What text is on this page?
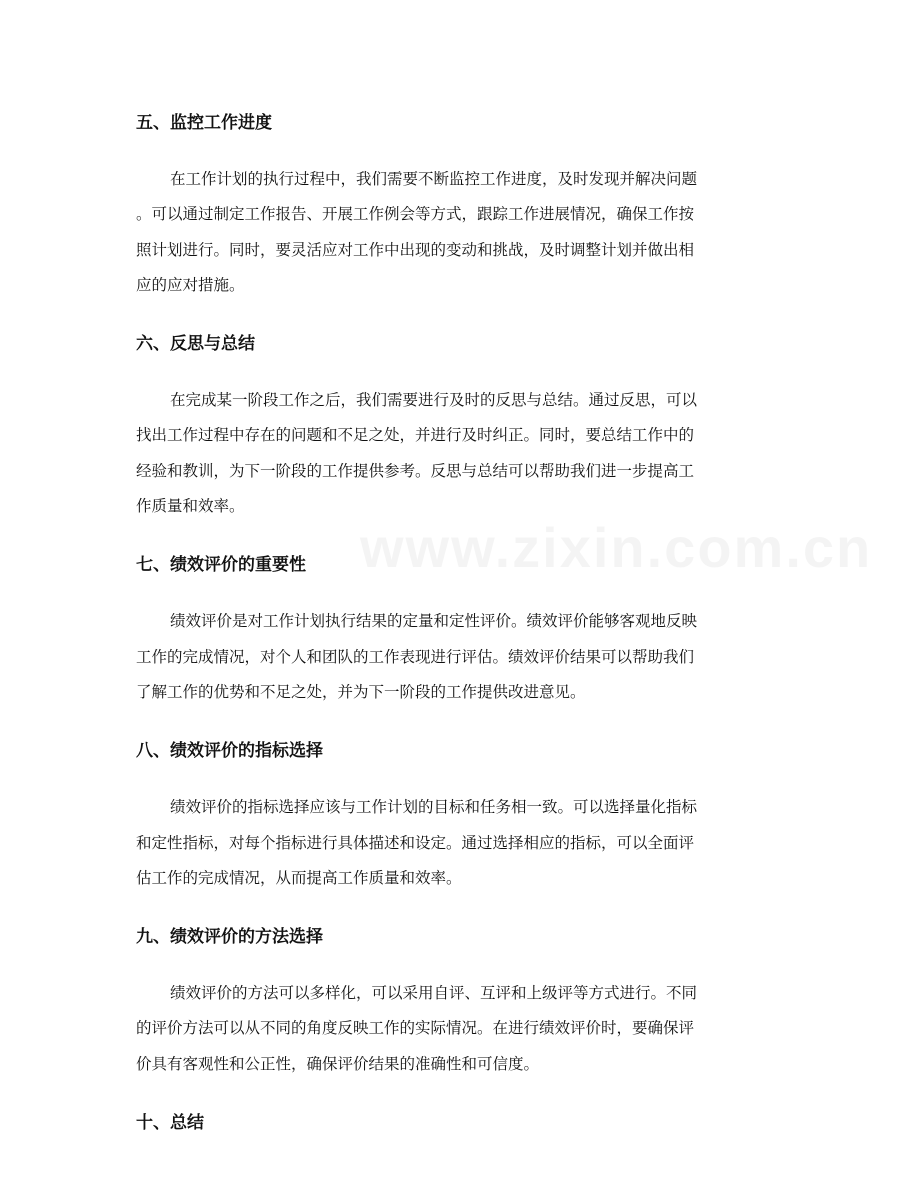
五、监控工作进度
在工作计划的执行过程中，我们需要不断监控工作进度，及时发现并解决问题
。可以通过制定工作报告、开展工作例会等方式，跟踪工作进展情况，确保工作按
照计划进行。同时，要灵活应对工作中出现的变动和挑战，及时调整计划并做出相
应的应对措施。
六、反思与总结
在完成某一阶段工作之后，我们需要进行及时的反思与总结。通过反思，可以
找出工作过程中存在的问题和不足之处，并进行及时纠正。同时，要总结工作中的
经验和教训，为下一阶段的工作提供参考。反思与总结可以帮助我们进一步提高工
作质量和效率。
七、绩效评价的重要性
绩效评价是对工作计划执行结果的定量和定性评价。绩效评价能够客观地反映
工作的完成情况，对个人和团队的工作表现进行评估。绩效评价结果可以帮助我们
了解工作的优势和不足之处，并为下一阶段的工作提供改进意见。
八、绩效评价的指标选择
绩效评价的指标选择应该与工作计划的目标和任务相一致。可以选择量化指标
和定性指标，对每个指标进行具体描述和设定。通过选择相应的指标，可以全面评
估工作的完成情况，从而提高工作质量和效率。
九、绩效评价的方法选择
绩效评价的方法可以多样化，可以采用自评、互评和上级评等方式进行。不同
的评价方法可以从不同的角度反映工作的实际情况。在进行绩效评价时，要确保评
价具有客观性和公正性，确保评价结果的准确性和可信度。
十、总结
